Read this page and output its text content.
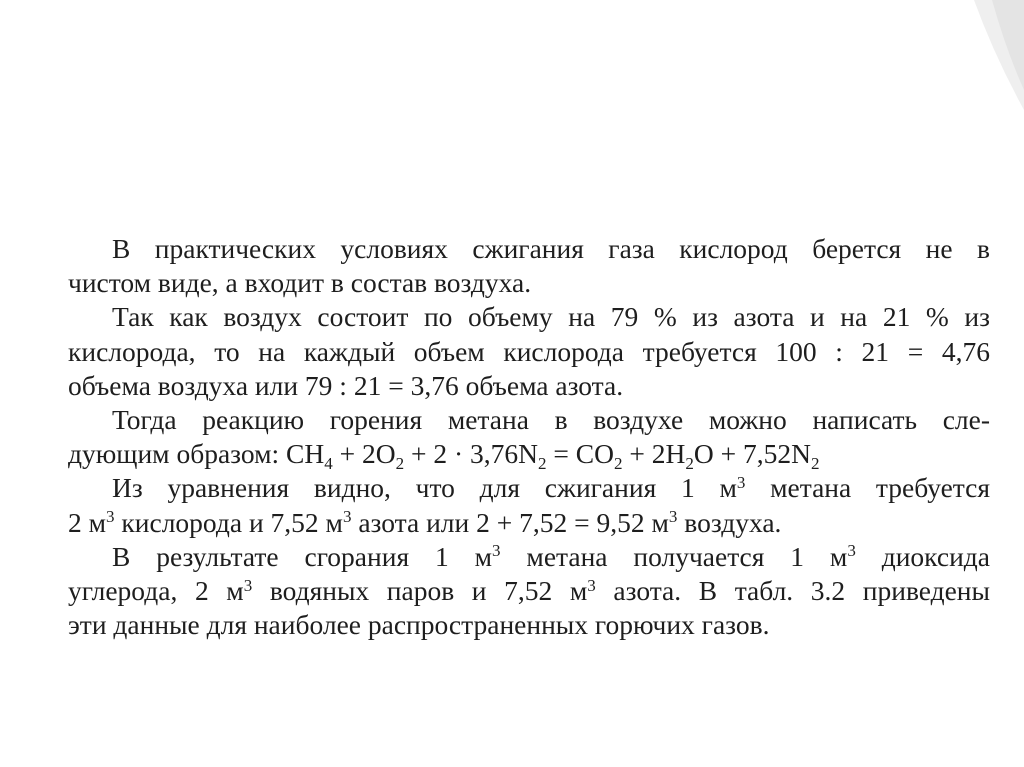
В практических условиях сжигания газа кислород берется не в
чистом виде, а входит в состав воздуха.
Так как воздух состоит по объему на 79 % из азота и на 21 % из
кислорода, то на каждый объем кислорода требуется 100 : 21 = 4,76
объема воздуха или 79 : 21 = 3,76 объема азота.
Тогда реакцию горения метана в воздухе можно написать сле-
дующим образом: $CH_4 + 2O_2 + 2 \cdot 3,76N_2 = CO_2 + 2H_2O + 7,52N_2$
Из уравнения видно, что для сжигания 1 $м^3$ метана требуется
2 $м^3$ кислорода и 7,52 $м^3$ азота или 2 + 7,52 = 9,52 $м^3$ воздуха.
В результате сгорания 1 $м^3$ метана получается 1 $м^3$ диоксида
углерода, 2 $м^3$ водяных паров и 7,52 $м^3$ азота. В табл. 3.2 приведены
эти данные для наиболее распространенных горючих газов.
